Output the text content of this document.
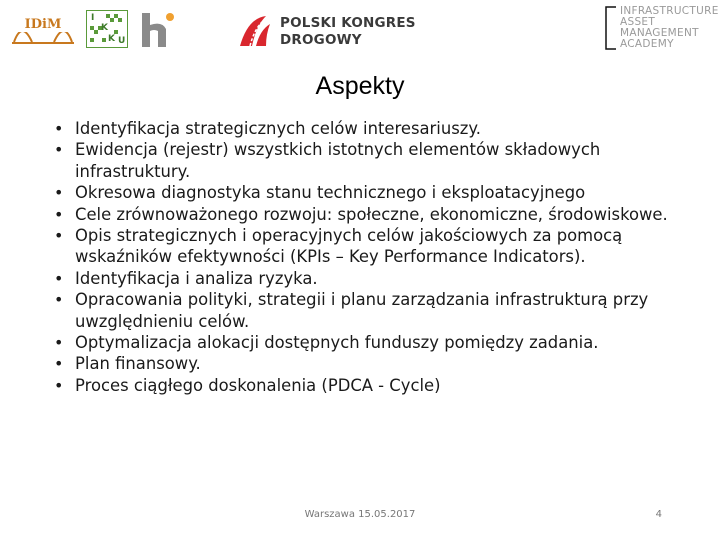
IDiM	I
K
K U
POLSKI KONGRES
DROGOWY
INFRASTRUCTURE
ASSET
MANAGEMENT
ACADEMY
Aspekty
• Identyfikacja strategicznych celów interesariuszy.
• Ewidencja (rejestr) wszystkich istotnych elementów składowych infrastruktury.
• Okresowa diagnostyka stanu technicznego i eksploatacyjnego
• Cele zrównoważonego rozwoju: społeczne, ekonomiczne, środowiskowe.
• Opis strategicznych i operacyjnych celów jakościowych za pomocą wskaźników efektywności (KPIs – Key Performance Indicators).
• Identyfikacja i analiza ryzyka.
• Opracowania polityki, strategii i planu zarządzania infrastrukturą przy uwzględnieniu celów.
• Optymalizacja alokacji dostępnych funduszy pomiędzy zadania.
• Plan finansowy.
• Proces ciągłego doskonalenia (PDCA - Cycle)
Warszawa 15.05.2017	4
